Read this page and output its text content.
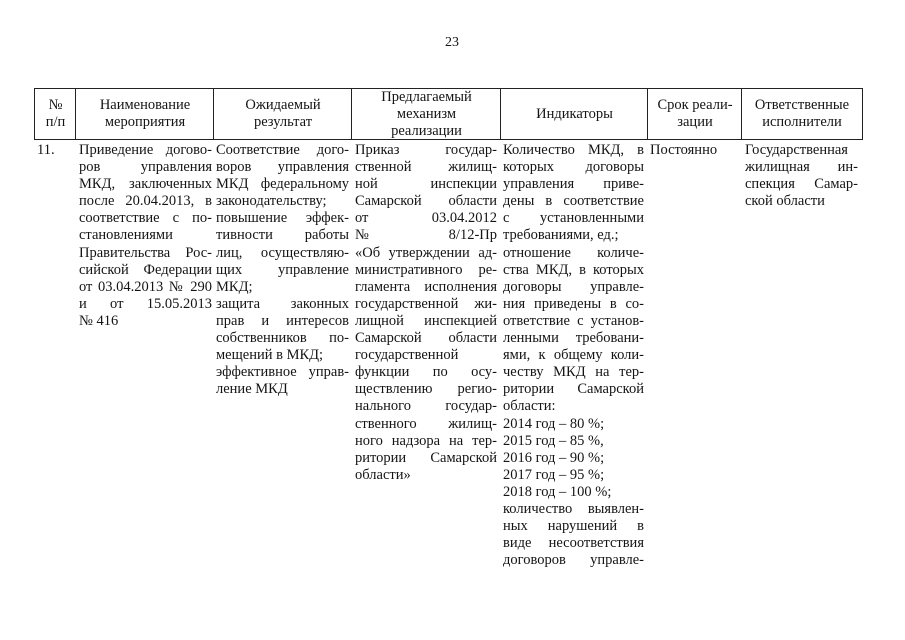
23
№
п/п
Наименование
мероприятия
Ожидаемый
результат
Предлагаемый
механизм
реализации
Индикаторы
Срок реали-
зации
Ответственные
исполнители
11.	Приведение догово-
ров управления
МКД, заключенных
после 20.04.2013, в
соответствие с по-
становлениями
Правительства Рос-
сийской Федерации
от 03.04.2013 № 290
и от 15.05.2013
№ 416
Соответствие дого-
воров управления
МКД федеральному
законодательству;
повышение эффек-
тивности работы
лиц, осуществляю-
щих управление
МКД;
защита законных
прав и интересов
собственников по-
мещений в МКД;
эффективное управ-
ление МКД
Приказ государ-
ственной жилищ-
ной инспекции
Самарской области
от 03.04.2012
№ 8/12-Пр
«Об утверждении ад-
министративного ре-
гламента исполнения
государственной жи-
лищной инспекцией
Самарской области
государственной
функции по осу-
ществлению регио-
нального государ-
ственного жилищ-
ного надзора на тер-
ритории Самарской
области»
Количество МКД, в
которых договоры
управления приве-
дены в соответствие
с установленными
требованиями, ед.;
отношение количе-
ства МКД, в которых
договоры управле-
ния приведены в со-
ответствие с установ-
ленными требовани-
ями, к общему коли-
честву МКД на тер-
ритории Самарской
области:
2014 год – 80 %;
2015 год – 85 %,
2016 год – 90 %;
2017 год – 95 %;
2018 год – 100 %;
количество выявлен-
ных нарушений в
виде несоответствия
договоров управле-
Постоянно	Государственная
жилищная ин-
спекция Самар-
ской области
